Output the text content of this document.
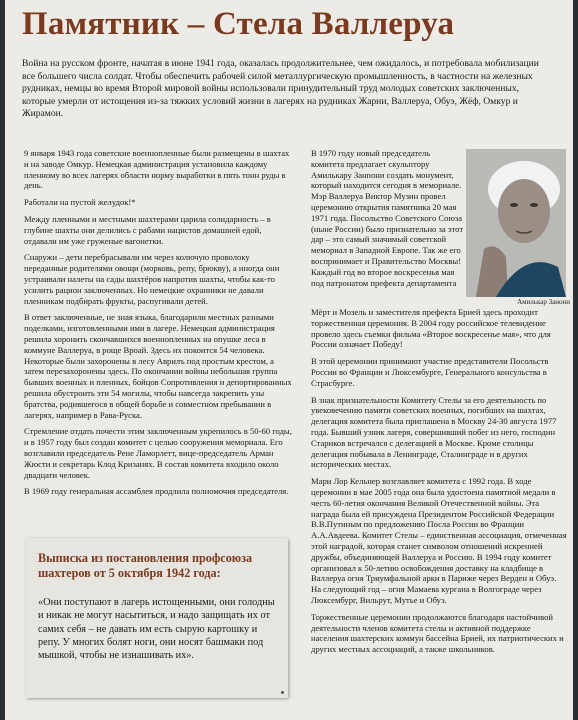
Памятник – Стела Валлеруа
Война на русском фронте, начатая в июне 1941 года, оказалась продолжительнее, чем ожидалось, и потребовала мобилизации все большего числа солдат. Чтобы обеспечить рабочей силой металлургическую промышленность, в частности на железных рудниках, немцы во время Второй мировой войны использовали принудительный труд молодых советских заключенных, которые умерли от истощения из-за тяжких условий жизни в лагерях на рудниках Жарни, Валлеруа, Обуэ, Жёф, Омкур и Жирамон.

9 января 1943 года советские военнопленные были размещены в шахтах и на заводе Омкур. Немецкая администрация установила каждому пленному во всех лагерях области норму выработки в пять тонн руды в день.

Работали на пустой желудок!*

Между пленными и местными шахтерами царила солидарность – в глубине шахты они делились с рабами нацистов домашней едой, отдавали им уже груженые вагонетки.

Снаружи – дети перебрасывали им через колючую проволоку переданные родителями овощи (морковь, репу, брюкву), а иногда они устраивали налеты на сады шахтёров напротив шахты, чтобы как-то усилить рацион заключенных. Но немецкие охранники не давали пленникам подбирать фрукты, распугивали детей.

В ответ заключенные, не зная языка, благодарили местных разными поделками, изготовленными ими в лагере. Немецкая администрация решила хоронить скончавшихся военнопленных на опушке леса в коммуне Валлеруа, в роще Вроай. Здесь их покоится 54 человека. Некоторые были захоронены в лесу Аврилъ под простым крестом, а затем перезахоронены здесь. По окончании войны небольшая группа бывших военных и пленных, бойцов Сопротивления и депортированных решила обустроить эти 54 могилы, чтобы навсегда закрепить узы братства, родившегося в общей борьбе и совместном пребывании в лагерях, например в Рава-Руска.

Стремление отдать почести этим заключенным укрепилось в 50-60 годы, и в 1957 году был создан комитет с целью сооружения мемориала. Его возглавили председатель Рене Ламорлетт, вице-председатель Арман Жюсти и секретарь Клод Кризанях. В состав комитета входило около двадцати человек.

В 1969 году генеральная ассамблея продлила полномочия председателя.

В 1970 году новый председатель комитета предлагает скульптору Амилькару Занnoни создать монумент, который находится сегодня в мемориале. Мэр Валлеруа Виктор Музин провел церемонию открытия памятника 20 мая 1971 года. Посольство Советского Союза (ныне России) было признательно за этот дар – это самый значимый советской мемориал в Западной Европе. Так же его воспринимает и Правительство Москвы! Каждый год во второе воскресенья мая под патронатом префекта департамента

Амилькар Занони

Мёрт и Мозель и заместителя префекта Брией здесь проходит торжественная церемония. В 2004 году российское телевидение провело здесь съемки фильма «Второе воскресенье мая», что для России означает Победу!

В этой церемонии принимают участие представители Посольств России во Франции и Люксембурге, Генерального консульства в Страсбурге.

В знак признательности Комитету Стелы за его деятельность по увековечению памяти советских военных, погибших на шахтах, делегация комитета была приглашена в Москву 24-30 августа 1977 года. Бывший узник лагеря, совершивший побег из него, господин Стариков встречался с делегацией в Москве. Кроме столицы делегация побывала в Ленинграде, Сталинграде и в других исторических местах.

Мари Лор Кельнер возглавляет комитета с 1992 года. В ходе церемонии в мае 2005 года она была удостоена памятной медали в честь 60-летия окончания Великой Отечественной войны. Эта награда была ей присуждена Президентом Российской Федерации В.В.Путиным по предложению Посла России во Франции А.А.Авдеева. Комитет Стелы – единственная ассоциация, отмеченная этой наградой, которая станет символом отношений искренней дружбы, объединяющей Валлеруа и Россию. В 1994 году комитет организовал к 50-летию освобождения доставку на кладбище в Валлеруа огня Триумфальной арки в Париже через Верден и Обуэ. На следующий год – огня Мамаева кургана в Волгограде через Люксембург, Вильрут, Мутье и Обуэ.

Торжественные церемонии продолжаются благодаря настойчивой деятельности членов комитета стелы и активной поддержке населения шахтерских коммун бассейна Брией, их патриотических и других местных ассоциаций, а также школьников.

Выписка из постановления профсоюза шахтеров от 5 октября 1942 года:
«Они поступают в лагерь истощенными, они голодны и никак не могут насытиться, и надо защищать их от самих себя – не давать им есть сырую картошку и репу. У многих болят ноги, они носят башмаки под мышкой, чтобы не изнашивать их».
